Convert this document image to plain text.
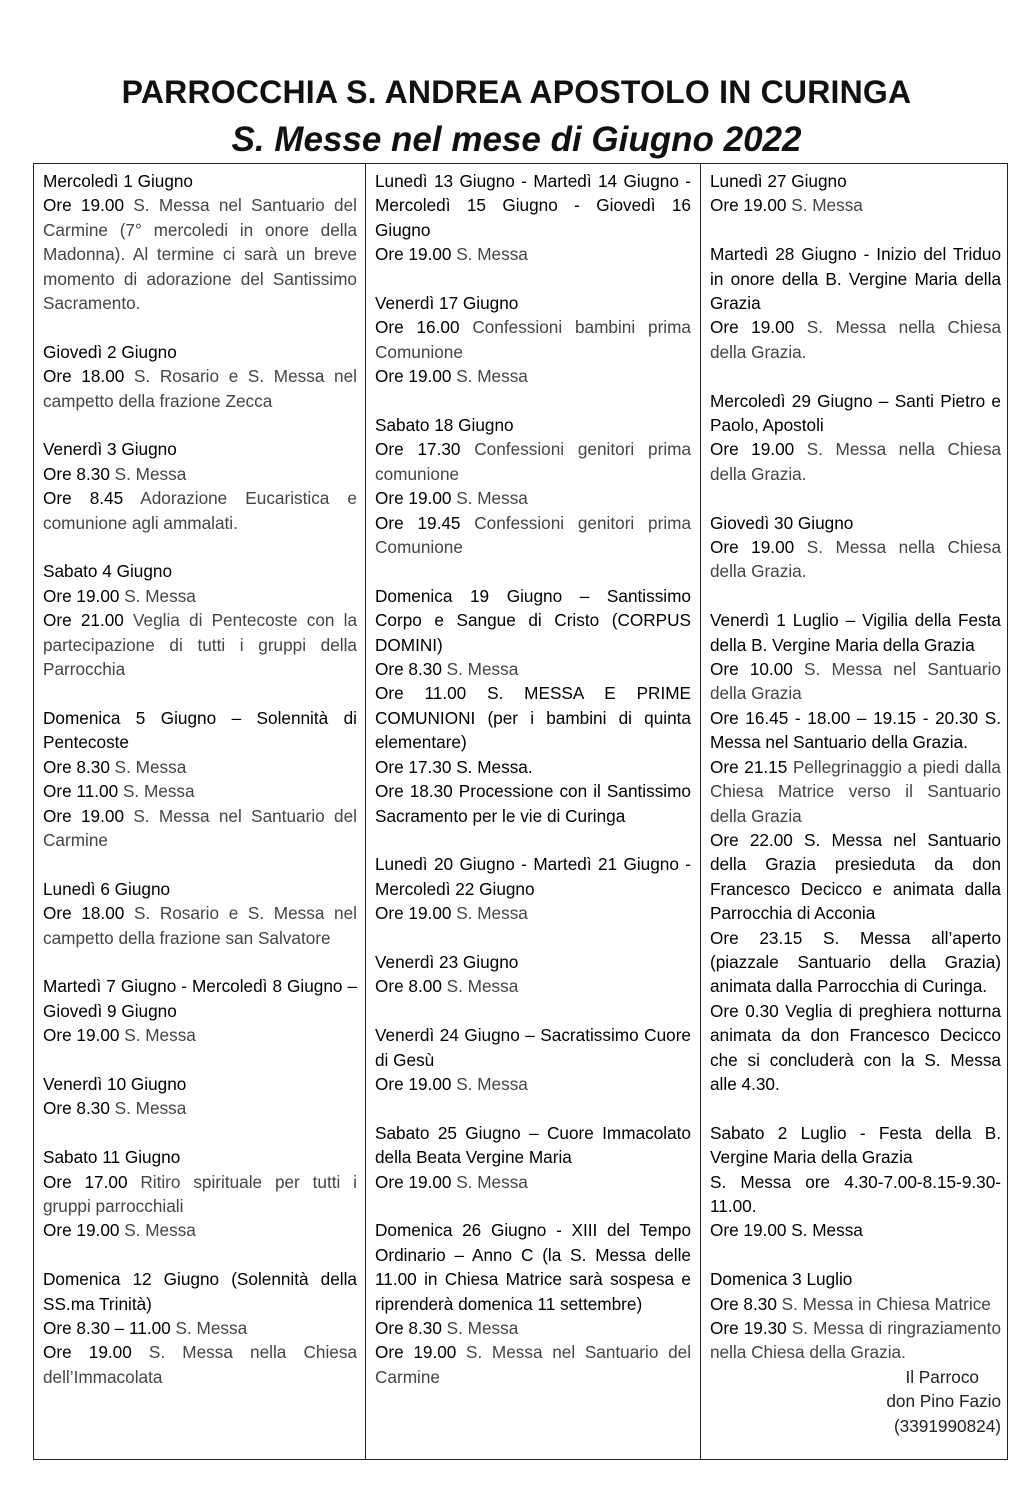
PARROCCHIA S. ANDREA APOSTOLO IN CURINGA
S. Messe nel mese di Giugno 2022
Mercoledì 1 Giugno
Ore 19.00 S. Messa nel Santuario del Carmine (7° mercoledi in onore della Madonna). Al termine ci sarà un breve momento di adorazione del Santissimo Sacramento.
Giovedì 2 Giugno
Ore 18.00 S. Rosario e S. Messa nel campetto della frazione Zecca
Venerdì 3 Giugno
Ore 8.30 S. Messa
Ore 8.45 Adorazione Eucaristica e comunione agli ammalati.
Sabato 4 Giugno
Ore 19.00 S. Messa
Ore 21.00 Veglia di Pentecoste con la partecipazione di tutti i gruppi della Parrocchia
Domenica 5 Giugno – Solennità di Pentecoste
Ore 8.30 S. Messa
Ore 11.00 S. Messa
Ore 19.00 S. Messa nel Santuario del Carmine
Lunedì 6 Giugno
Ore 18.00 S. Rosario e S. Messa nel campetto della frazione san Salvatore
Martedì 7 Giugno - Mercoledì 8 Giugno – Giovedì 9 Giugno
Ore 19.00 S. Messa
Venerdì 10 Giugno
Ore 8.30 S. Messa
Sabato 11 Giugno
Ore 17.00 Ritiro spirituale per tutti i gruppi parrocchiali
Ore 19.00 S. Messa
Domenica 12 Giugno (Solennità della SS.ma Trinità)
Ore 8.30 – 11.00 S. Messa
Ore 19.00 S. Messa nella Chiesa dell’Immacolata
Lunedì 13 Giugno - Martedì 14 Giugno - Mercoledì 15 Giugno - Giovedì 16 Giugno
Ore 19.00 S. Messa
Venerdì 17 Giugno
Ore 16.00 Confessioni bambini prima Comunione
Ore 19.00 S. Messa
Sabato 18 Giugno
Ore 17.30 Confessioni genitori prima comunione
Ore 19.00 S. Messa
Ore 19.45 Confessioni genitori prima Comunione
Domenica 19 Giugno – Santissimo Corpo e Sangue di Cristo (CORPUS DOMINI)
Ore 8.30 S. Messa
Ore 11.00 S. MESSA E PRIME COMUNIONI (per i bambini di quinta elementare)
Ore 17.30 S. Messa.
Ore 18.30 Processione con il Santissimo Sacramento per le vie di Curinga
Lunedì 20 Giugno - Martedì 21 Giugno - Mercoledì 22 Giugno
Ore 19.00 S. Messa
Venerdì 23 Giugno
Ore 8.00 S. Messa
Venerdì 24 Giugno – Sacratissimo Cuore di Gesù
Ore 19.00 S. Messa
Sabato 25 Giugno – Cuore Immacolato della Beata Vergine Maria
Ore 19.00 S. Messa
Domenica 26 Giugno - XIII del Tempo Ordinario – Anno C (la S. Messa delle 11.00 in Chiesa Matrice sarà sospesa e riprenderà domenica 11 settembre)
Ore 8.30 S. Messa
Ore 19.00 S. Messa nel Santuario del Carmine
Lunedì 27 Giugno
Ore 19.00 S. Messa
Martedì 28 Giugno - Inizio del Triduo in onore della B. Vergine Maria della Grazia
Ore 19.00 S. Messa nella Chiesa della Grazia.
Mercoledì 29 Giugno – Santi Pietro e Paolo, Apostoli
Ore 19.00 S. Messa nella Chiesa della Grazia.
Giovedì 30 Giugno
Ore 19.00 S. Messa nella Chiesa della Grazia.
Venerdì 1 Luglio – Vigilia della Festa della B. Vergine Maria della Grazia
Ore 10.00 S. Messa nel Santuario della Grazia
Ore 16.45 - 18.00 – 19.15 - 20.30 S. Messa nel Santuario della Grazia.
Ore 21.15 Pellegrinaggio a piedi dalla Chiesa Matrice verso il Santuario della Grazia
Ore 22.00 S. Messa nel Santuario della Grazia presieduta da don Francesco Decicco e animata dalla Parrocchia di Acconia
Ore 23.15 S. Messa all’aperto (piazzale Santuario della Grazia) animata dalla Parrocchia di Curinga.
Ore 0.30 Veglia di preghiera notturna animata da don Francesco Decicco che si concluderà con la S. Messa alle 4.30.
Sabato 2 Luglio - Festa della B. Vergine Maria della Grazia
S. Messa ore 4.30-7.00-8.15-9.30-11.00.
Ore 19.00 S. Messa
Domenica 3 Luglio
Ore 8.30 S. Messa in Chiesa Matrice
Ore 19.30 S. Messa di ringraziamento nella Chiesa della Grazia.
Il Parroco
don Pino Fazio
(3391990824)
